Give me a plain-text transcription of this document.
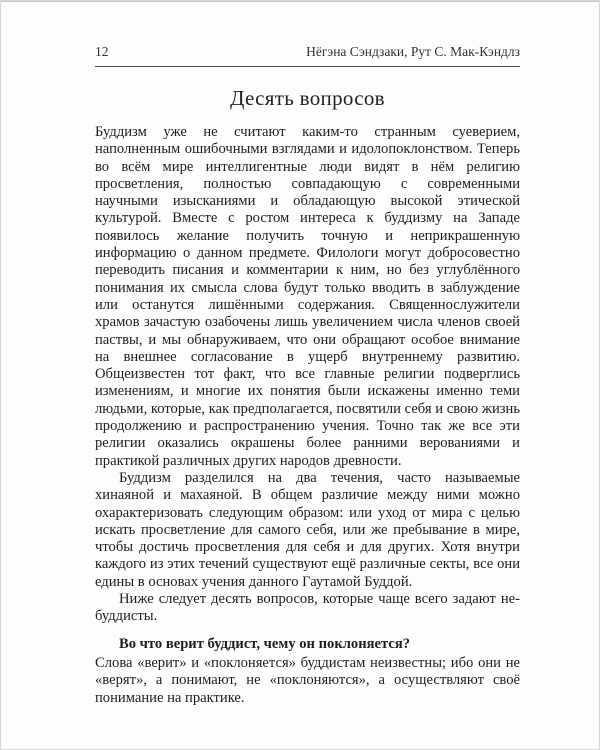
12	Нёгэна Сэндзаки, Рут С. Мак-Кэндлз
Десять вопросов

Буддизм уже не считают каким-то странным суеверием, наполненным ошибочными взглядами и идолопоклонством. Теперь во всём мире интеллигентные люди видят в нём религию просветления, полностью совпадающую с современными научными изысканиями и обладающую высокой этической культурой. Вместе с ростом интереса к буддизму на Западе появилось желание получить точную и неприкрашенную информацию о данном предмете. Филологи могут добросовестно переводить писания и комментарии к ним, но без углублённого понимания их смысла слова будут только вводить в заблуждение или останутся лишёнными содержания. Священнослужители храмов зачастую озабочены лишь увеличением числа членов своей паствы, и мы обнаруживаем, что они обращают особое внимание на внешнее согласование в ущерб внутреннему развитию. Общеизвестен тот факт, что все главные религии подверглись изменениям, и многие их понятия были искажены именно теми людьми, которые, как предполагается, посвятили себя и свою жизнь продолжению и распространению учения. Точно так же все эти религии оказались окрашены более ранними верованиями и практикой различных других народов древности.

Буддизм разделился на два течения, часто называемые хинаяной и махаяной. В общем различие между ними можно охарактеризовать следующим образом: или уход от мира с целью искать просветление для самого себя, или же пребывание в мире, чтобы достичь просветления для себя и для других. Хотя внутри каждого из этих течений существуют ещё различные секты, все они едины в основах учения данного Гаутамой Буддой.

Ниже следует десять вопросов, которые чаще всего задают не-буддисты.

Во что верит буддист, чему он поклоняется?

Слова «верит» и «поклоняется» буддистам неизвестны; ибо они не «верят», а понимают, не «поклоняются», а осуществляют своё понимание на практике.
